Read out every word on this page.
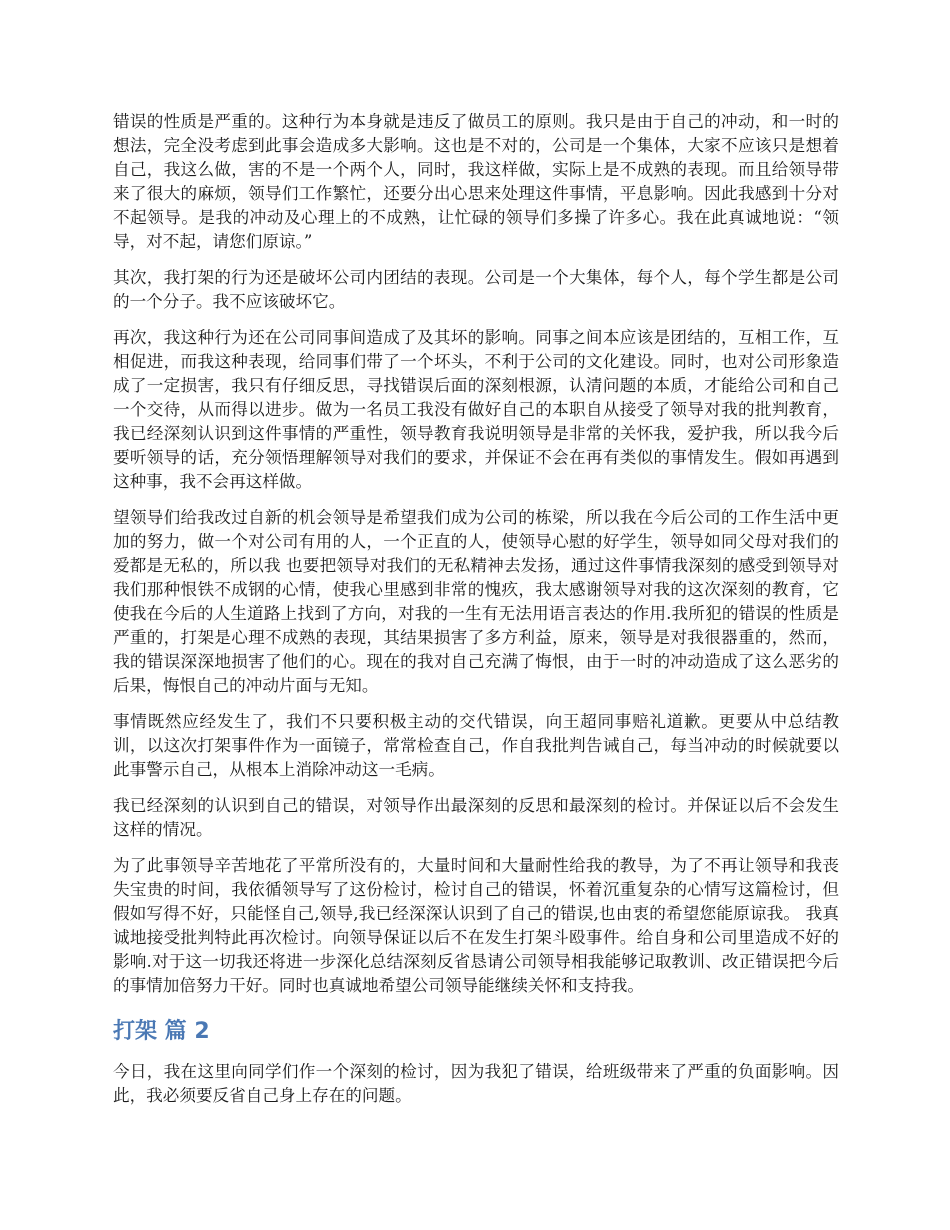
错误的性质是严重的。这种行为本身就是违反了做员工的原则。我只是由于自己的冲动，和一时的想法，完全没考虑到此事会造成多大影响。这也是不对的，公司是一个集体，大家不应该只是想着自己，我这么做，害的不是一个两个人，同时，我这样做，实际上是不成熟的表现。而且给领导带来了很大的麻烦，领导们工作繁忙，还要分出心思来处理这件事情，平息影响。因此我感到十分对不起领导。是我的冲动及心理上的不成熟，让忙碌的领导们多操了许多心。我在此真诚地说：“领导，对不起，请您们原谅。”

其次，我打架的行为还是破坏公司内团结的表现。公司是一个大集体，每个人，每个学生都是公司的一个分子。我不应该破坏它。

再次，我这种行为还在公司同事间造成了及其坏的影响。同事之间本应该是团结的，互相工作，互相促进，而我这种表现，给同事们带了一个坏头，不利于公司的文化建设。同时，也对公司形象造成了一定损害，我只有仔细反思，寻找错误后面的深刻根源，认清问题的本质，才能给公司和自己一个交待，从而得以进步。做为一名员工我没有做好自己的本职自从接受了领导对我的批判教育，我已经深刻认识到这件事情的严重性，领导教育我说明领导是非常的关怀我，爱护我，所以我今后要听领导的话，充分领悟理解领导对我们的要求，并保证不会在再有类似的事情发生。假如再遇到这种事，我不会再这样做。

望领导们给我改过自新的机会领导是希望我们成为公司的栋梁，所以我在今后公司的工作生活中更加的努力，做一个对公司有用的人，一个正直的人，使领导心慰的好学生，领导如同父母对我们的爱都是无私的，所以我 也要把领导对我们的无私精神去发扬，通过这件事情我深刻的感受到领导对我们那种恨铁不成钢的心情，使我心里感到非常的愧疚，我太感谢领导对我的这次深刻的教育，它使我在今后的人生道路上找到了方向，对我的一生有无法用语言表达的作用.我所犯的错误的性质是严重的，打架是心理不成熟的表现，其结果损害了多方利益，原来，领导是对我很器重的，然而，我的错误深深地损害了他们的心。现在的我对自己充满了悔恨，由于一时的冲动造成了这么恶劣的后果，悔恨自己的冲动片面与无知。

事情既然应经发生了，我们不只要积极主动的交代错误，向王超同事赔礼道歉。更要从中总结教训，以这次打架事件作为一面镜子，常常检查自己，作自我批判告诫自己，每当冲动的时候就要以此事警示自己，从根本上消除冲动这一毛病。

我已经深刻的认识到自己的错误，对领导作出最深刻的反思和最深刻的检讨。并保证以后不会发生这样的情况。

为了此事领导辛苦地花了平常所没有的，大量时间和大量耐性给我的教导，为了不再让领导和我丧失宝贵的时间，我依循领导写了这份检讨，检讨自己的错误，怀着沉重复杂的心情写这篇检讨，但假如写得不好，只能怪自己,领导,我已经深深认识到了自己的错误,也由衷的希望您能原谅我。 我真诚地接受批判特此再次检讨。向领导保证以后不在发生打架斗殴事件。给自身和公司里造成不好的影响.对于这一切我还将进一步深化总结深刻反省恳请公司领导相我能够记取教训、改正错误把今后的事情加倍努力干好。同时也真诚地希望公司领导能继续关怀和支持我。

打架 篇 2

今日，我在这里向同学们作一个深刻的检讨，因为我犯了错误，给班级带来了严重的负面影响。因此，我必须要反省自己身上存在的问题。
